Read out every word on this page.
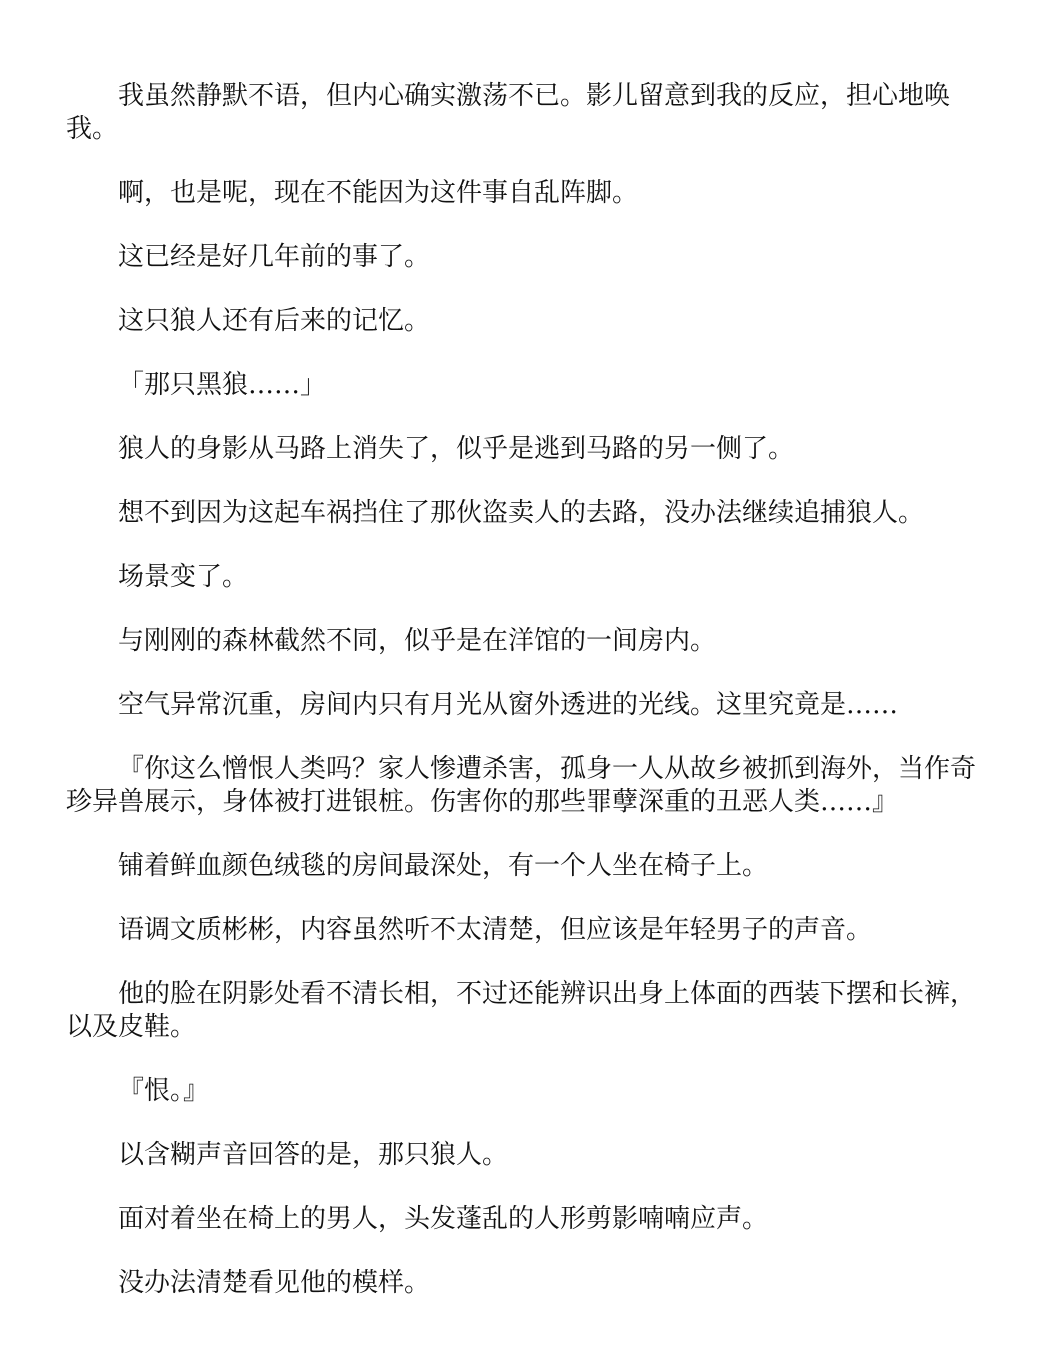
我虽然静默不语，但内心确实激荡不已。影儿留意到我的反应，担心地唤我。

啊，也是呢，现在不能因为这件事自乱阵脚。

这已经是好几年前的事了。

这只狼人还有后来的记忆。

「那只黑狼……」

狼人的身影从马路上消失了，似乎是逃到马路的另一侧了。

想不到因为这起车祸挡住了那伙盗卖人的去路，没办法继续追捕狼人。

场景变了。

与刚刚的森林截然不同，似乎是在洋馆的一间房内。

空气异常沉重，房间内只有月光从窗外透进的光线。这里究竟是……

『你这么憎恨人类吗？家人惨遭杀害，孤身一人从故乡被抓到海外，当作奇珍异兽展示，身体被打进银桩。伤害你的那些罪孽深重的丑恶人类……』

铺着鲜血颜色绒毯的房间最深处，有一个人坐在椅子上。

语调文质彬彬，内容虽然听不太清楚，但应该是年轻男子的声音。

他的脸在阴影处看不清长相，不过还能辨识出身上体面的西装下摆和长裤，以及皮鞋。

『恨。』

以含糊声音回答的是，那只狼人。

面对着坐在椅上的男人，头发蓬乱的人形剪影喃喃应声。

没办法清楚看见他的模样。
